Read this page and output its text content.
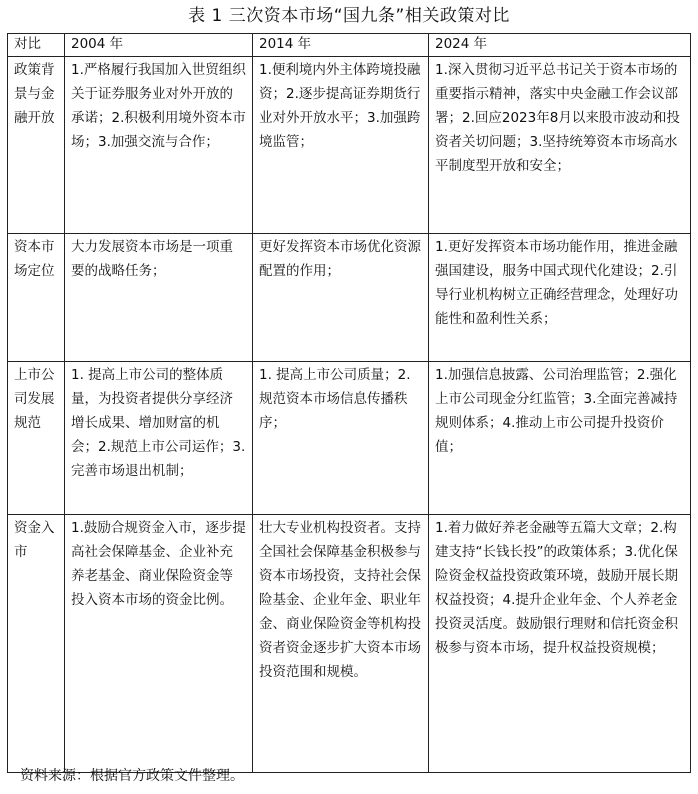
表 1 三次资本市场“国九条”相关政策对比
对比	2004 年	2014 年	2024 年
政策背景与金融开放	1.严格履行我国加入世贸组织关于证券服务业对外开放的承诺；2.积极利用境外资本市场；3.加强交流与合作；	1.便利境内外主体跨境投融资；2.逐步提高证券期货行业对外开放水平；3.加强跨境监管；	1.深入贯彻习近平总书记关于资本市场的重要指示精神，落实中央金融工作会议部署；2.回应2023年8月以来股市波动和投资者关切问题；3.坚持统筹资本市场高水平制度型开放和安全；
资本市场定位	大力发展资本市场是一项重要的战略任务；	更好发挥资本市场优化资源配置的作用；	1.更好发挥资本市场功能作用，推进金融强国建设，服务中国式现代化建设；2.引导行业机构树立正确经营理念，处理好功能性和盈利性关系；
上市公司发展规范	1. 提高上市公司的整体质量，为投资者提供分享经济增长成果、增加财富的机会；2.规范上市公司运作；3. 完善市场退出机制；	1. 提高上市公司质量；2.规范资本市场信息传播秩序；	1.加强信息披露、公司治理监管；2.强化上市公司现金分红监管；3.全面完善减持规则体系；4.推动上市公司提升投资价值；
资金入市	1.鼓励合规资金入市，逐步提高社会保障基金、企业补充养老基金、商业保险资金等投入资本市场的资金比例。	壮大专业机构投资者。支持全国社会保障基金积极参与资本市场投资，支持社会保险基金、企业年金、职业年金、商业保险资金等机构投资者资金逐步扩大资本市场投资范围和规模。	1.着力做好养老金融等五篇大文章；2.构建支持“长钱长投”的政策体系；3.优化保险资金权益投资政策环境，鼓励开展长期权益投资；4.提升企业年金、个人养老金投资灵活度。鼓励银行理财和信托资金积极参与资本市场，提升权益投资规模；
资料来源：根据官方政策文件整理。
